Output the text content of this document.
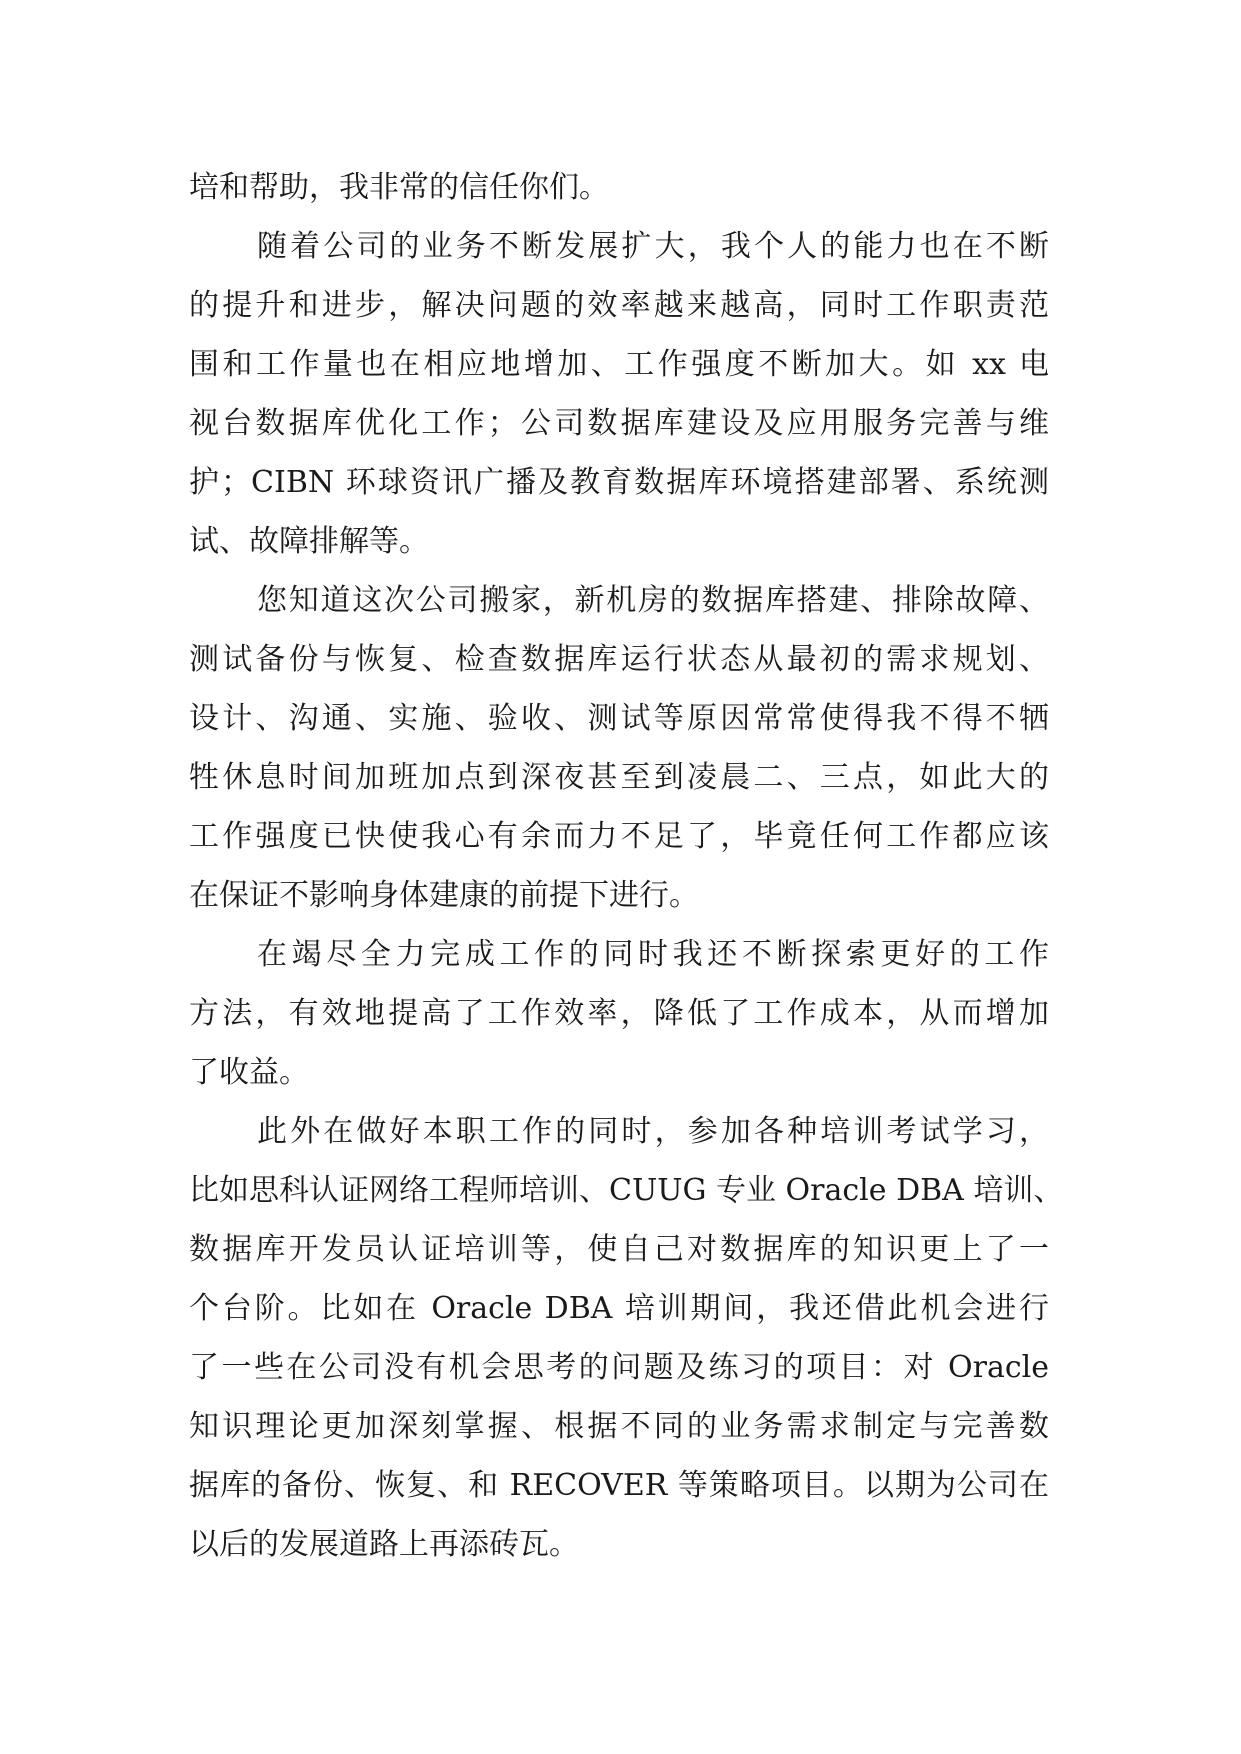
培和帮助，我非常的信任你们。
随着公司的业务不断发展扩大，我个人的能力也在不断
的提升和进步，解决问题的效率越来越高，同时工作职责范
围和工作量也在相应地增加、工作强度不断加大。如 xx 电
视台数据库优化工作；公司数据库建设及应用服务完善与维
护；CIBN 环球资讯广播及教育数据库环境搭建部署、系统测
试、故障排解等。
您知道这次公司搬家，新机房的数据库搭建、排除故障、
测试备份与恢复、检查数据库运行状态从最初的需求规划、
设计、沟通、实施、验收、测试等原因常常使得我不得不牺
牲休息时间加班加点到深夜甚至到凌晨二、三点，如此大的
工作强度已快使我心有余而力不足了，毕竟任何工作都应该
在保证不影响身体建康的前提下进行。
在竭尽全力完成工作的同时我还不断探索更好的工作
方法，有效地提高了工作效率，降低了工作成本，从而增加
了收益。
此外在做好本职工作的同时，参加各种培训考试学习，
比如思科认证网络工程师培训、CUUG 专业 Oracle DBA 培训、
数据库开发员认证培训等，使自己对数据库的知识更上了一
个台阶。比如在 Oracle DBA 培训期间，我还借此机会进行
了一些在公司没有机会思考的问题及练习的项目：对 Oracle
知识理论更加深刻掌握、根据不同的业务需求制定与完善数
据库的备份、恢复、和 RECOVER 等策略项目。以期为公司在
以后的发展道路上再添砖瓦。
